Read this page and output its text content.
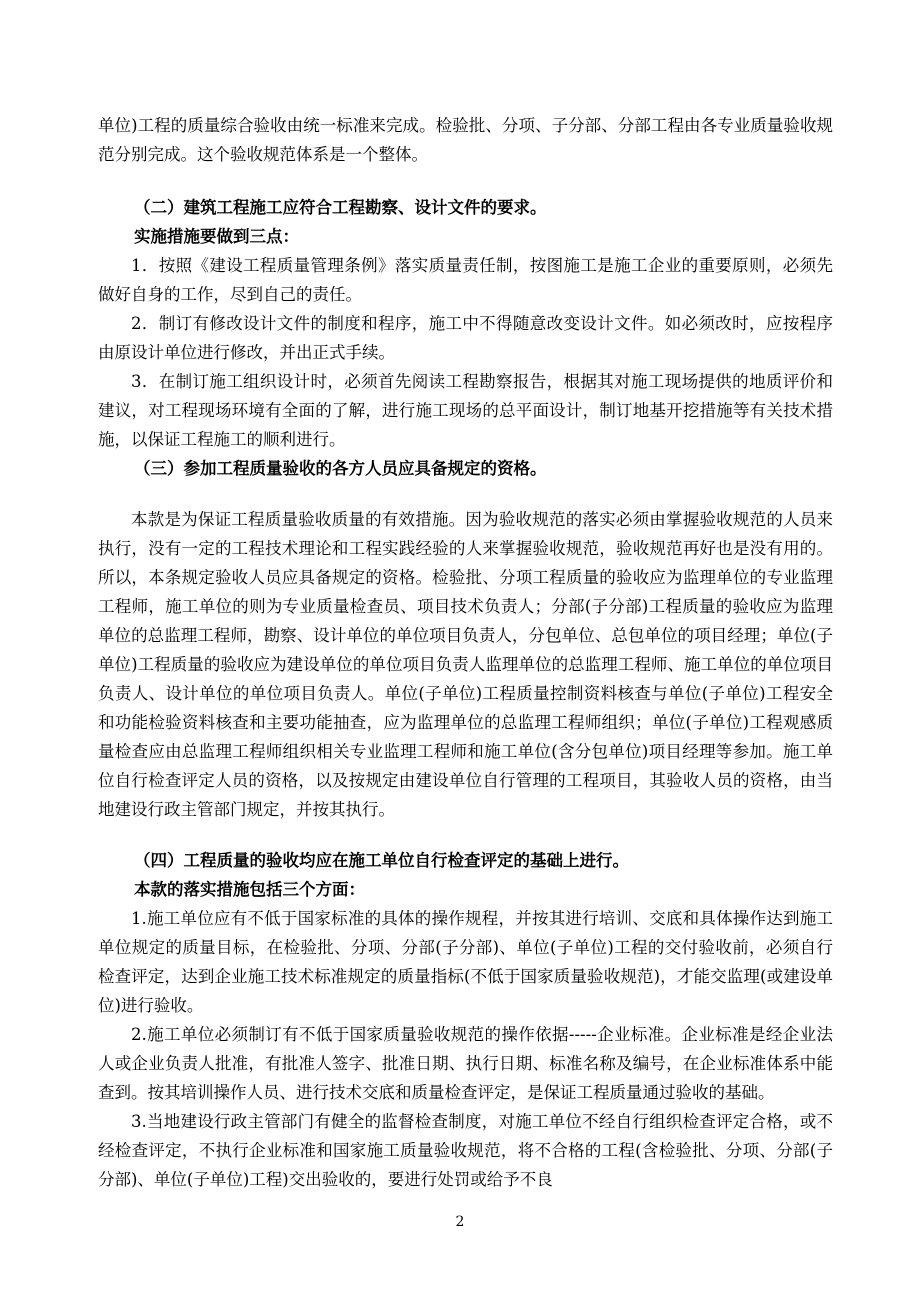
单位)工程的质量综合验收由统一标准来完成。检验批、分项、子分部、分部工程由各专业质量验收规范分别完成。这个验收规范体系是一个整体。

（二）建筑工程施工应符合工程勘察、设计文件的要求。

实施措施要做到三点：

1．按照《建设工程质量管理条例》落实质量责任制，按图施工是施工企业的重要原则，必须先做好自身的工作，尽到自己的责任。

2．制订有修改设计文件的制度和程序，施工中不得随意改变设计文件。如必须改时，应按程序由原设计单位进行修改，并出正式手续。

3．在制订施工组织设计时，必须首先阅读工程勘察报告，根据其对施工现场提供的地质评价和建议，对工程现场环境有全面的了解，进行施工现场的总平面设计，制订地基开挖措施等有关技术措施，以保证工程施工的顺利进行。

（三）参加工程质量验收的各方人员应具备规定的资格。

本款是为保证工程质量验收质量的有效措施。因为验收规范的落实必须由掌握验收规范的人员来执行，没有一定的工程技术理论和工程实践经验的人来掌握验收规范，验收规范再好也是没有用的。所以，本条规定验收人员应具备规定的资格。检验批、分项工程质量的验收应为监理单位的专业监理工程师，施工单位的则为专业质量检查员、项目技术负责人；分部(子分部)工程质量的验收应为监理单位的总监理工程师，勘察、设计单位的单位项目负责人，分包单位、总包单位的项目经理；单位(子单位)工程质量的验收应为建设单位的单位项目负责人监理单位的总监理工程师、施工单位的单位项目负责人、设计单位的单位项目负责人。单位(子单位)工程质量控制资料核查与单位(子单位)工程安全和功能检验资料核查和主要功能抽查，应为监理单位的总监理工程师组织；单位(子单位)工程观感质量检查应由总监理工程师组织相关专业监理工程师和施工单位(含分包单位)项目经理等参加。施工单位自行检查评定人员的资格，以及按规定由建设单位自行管理的工程项目，其验收人员的资格，由当地建设行政主管部门规定，并按其执行。

（四）工程质量的验收均应在施工单位自行检查评定的基础上进行。

本款的落实措施包括三个方面：

1.施工单位应有不低于国家标准的具体的操作规程，并按其进行培训、交底和具体操作达到施工单位规定的质量目标，在检验批、分项、分部(子分部)、单位(子单位)工程的交付验收前，必须自行检查评定，达到企业施工技术标准规定的质量指标(不低于国家质量验收规范)，才能交监理(或建设单位)进行验收。

2.施工单位必须制订有不低于国家质量验收规范的操作依据-----企业标准。企业标准是经企业法人或企业负责人批准，有批准人签字、批准日期、执行日期、标准名称及编号，在企业标准体系中能查到。按其培训操作人员、进行技术交底和质量检查评定，是保证工程质量通过验收的基础。

3.当地建设行政主管部门有健全的监督检查制度，对施工单位不经自行组织检查评定合格，或不经检查评定，不执行企业标准和国家施工质量验收规范，将不合格的工程(含检验批、分项、分部(子分部)、单位(子单位)工程)交出验收的，要进行处罚或给予不良

2
